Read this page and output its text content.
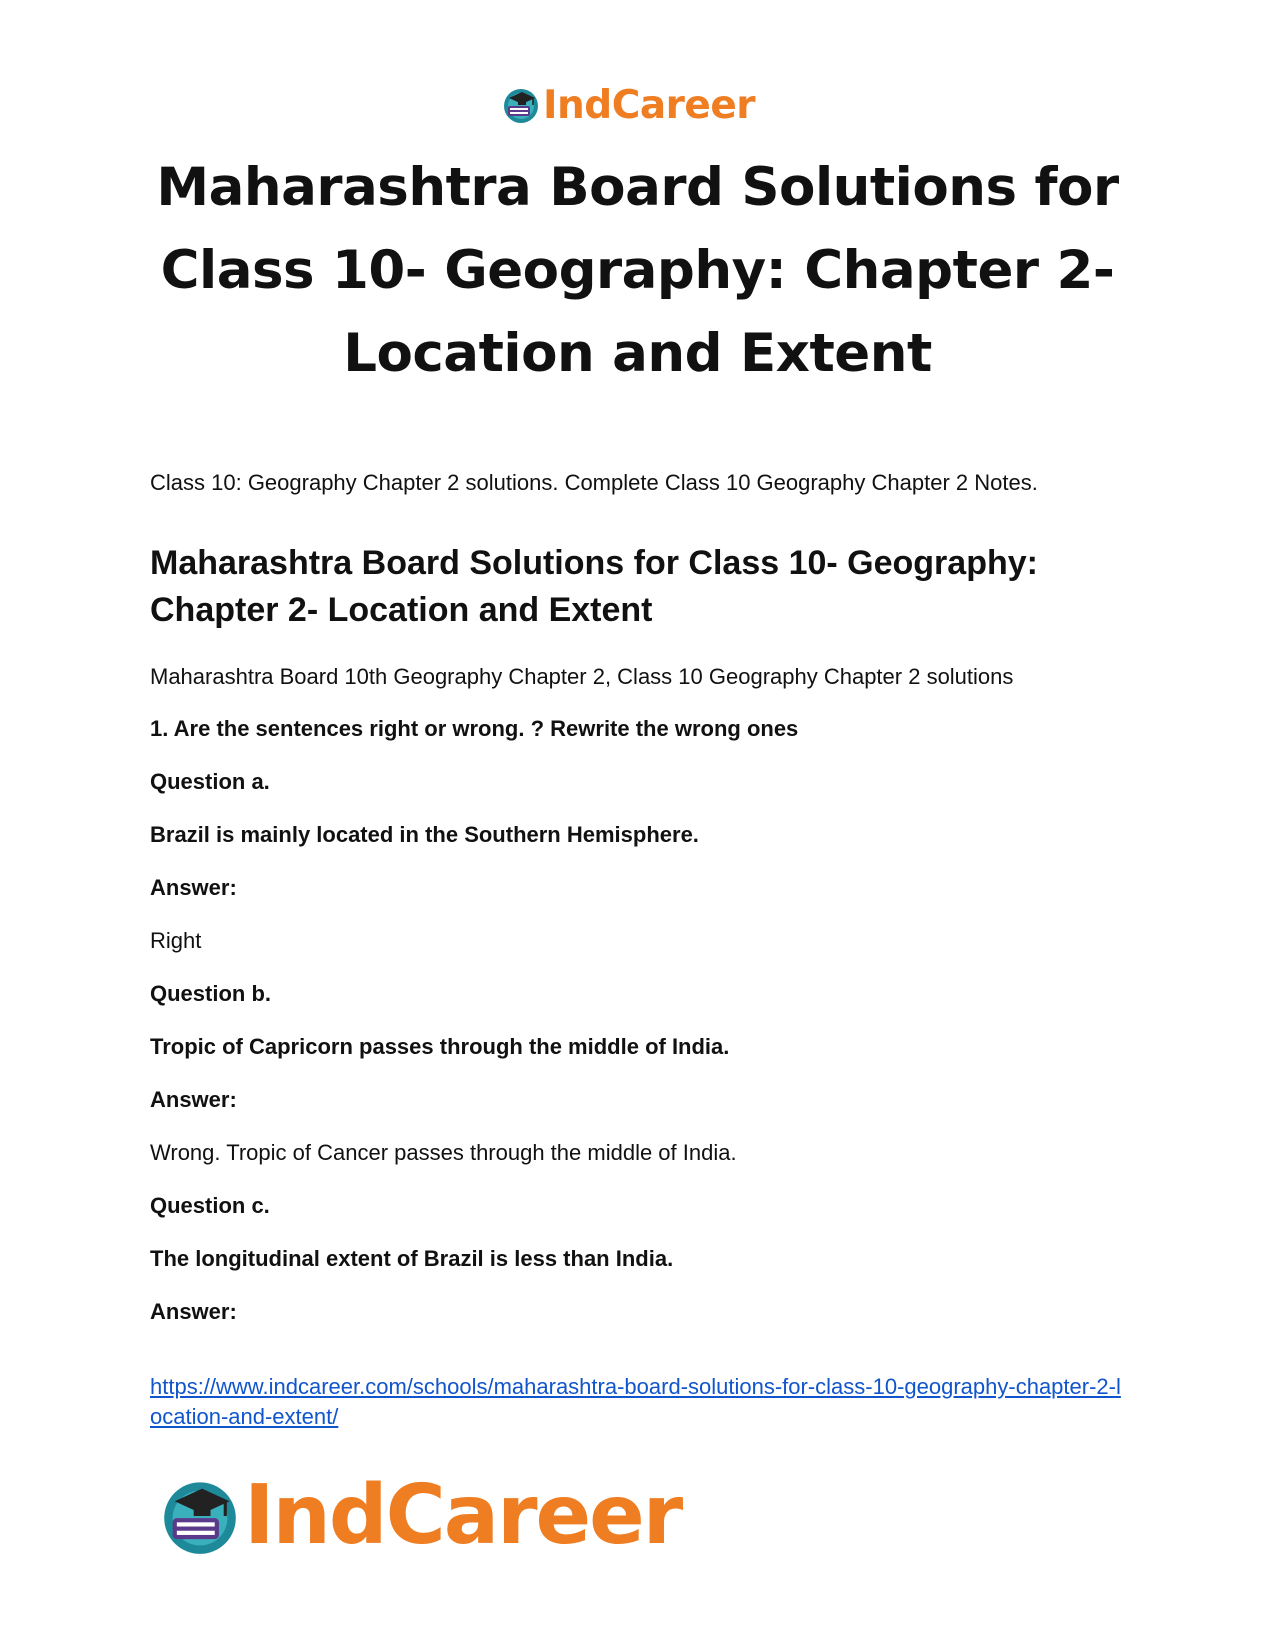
IndCareer
Maharashtra Board Solutions for Class 10- Geography: Chapter 2- Location and Extent

Class 10: Geography Chapter 2 solutions. Complete Class 10 Geography Chapter 2 Notes.

Maharashtra Board Solutions for Class 10- Geography: Chapter 2- Location and Extent

Maharashtra Board 10th Geography Chapter 2, Class 10 Geography Chapter 2 solutions

1. Are the sentences right or wrong. ? Rewrite the wrong ones

Question a.

Brazil is mainly located in the Southern Hemisphere.

Answer:

Right

Question b.

Tropic of Capricorn passes through the middle of India.

Answer:

Wrong. Tropic of Cancer passes through the middle of India.

Question c.

The longitudinal extent of Brazil is less than India.

Answer:

https://www.indcareer.com/schools/maharashtra-board-solutions-for-class-10-geography-chapter-2-location-and-extent/
IndCareer
